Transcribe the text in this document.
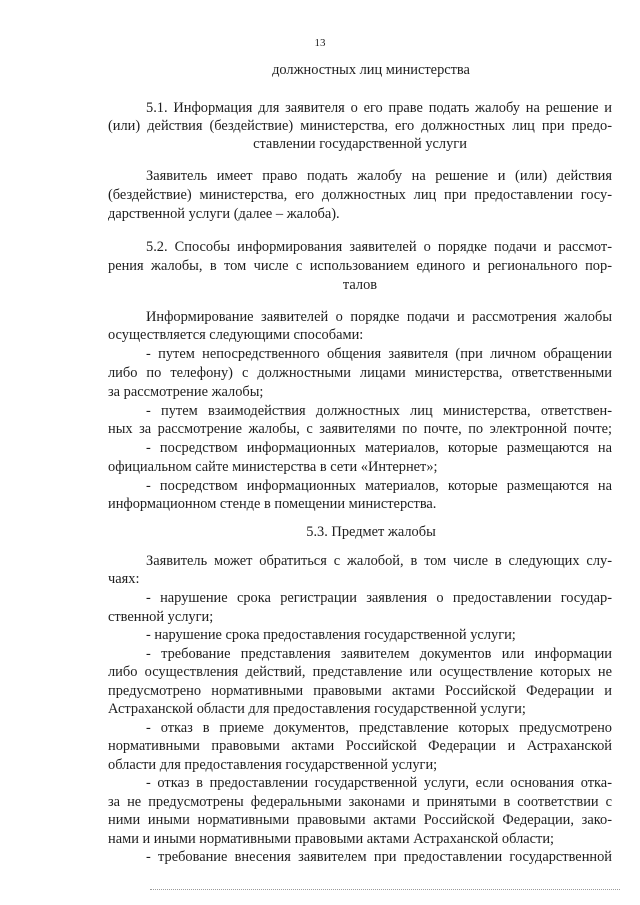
13
должностных лиц министерства
5.1. Информация для заявителя о его праве подать жалобу на решение и
(или) действия (бездействие) министерства, его должностных лиц при предо-
ставлении государственной услуги
Заявитель имеет право подать жалобу на решение и (или) действия
(бездействие) министерства, его должностных лиц при предоставлении госу-
дарственной услуги (далее – жалоба).
5.2. Способы информирования заявителей о порядке подачи и рассмот-
рения жалобы, в том числе с использованием единого и регионального пор-
талов
Информирование заявителей о порядке подачи и рассмотрения жалобы
осуществляется следующими способами:
- путем непосредственного общения заявителя (при личном обращении
либо по телефону) с должностными лицами министерства, ответственными
за рассмотрение жалобы;
- путем взаимодействия должностных лиц министерства, ответствен-
ных за рассмотрение жалобы, с заявителями по почте, по электронной почте;
- посредством информационных материалов, которые размещаются на
официальном сайте министерства в сети «Интернет»;
- посредством информационных материалов, которые размещаются на
информационном стенде в помещении министерства.
5.3. Предмет жалобы
Заявитель может обратиться с жалобой, в том числе в следующих слу-
чаях:
- нарушение срока регистрации заявления о предоставлении государ-
ственной услуги;
- нарушение срока предоставления государственной услуги;
- требование представления заявителем документов или информации
либо осуществления действий, представление или осуществление которых не
предусмотрено нормативными правовыми актами Российской Федерации и
Астраханской области для предоставления государственной услуги;
- отказ в приеме документов, представление которых предусмотрено
нормативными правовыми актами Российской Федерации и Астраханской
области для предоставления государственной услуги;
- отказ в предоставлении государственной услуги, если основания отка-
за не предусмотрены федеральными законами и принятыми в соответствии с
ними иными нормативными правовыми актами Российской Федерации, зако-
нами и иными нормативными правовыми актами Астраханской области;
- требование внесения заявителем при предоставлении государственной
